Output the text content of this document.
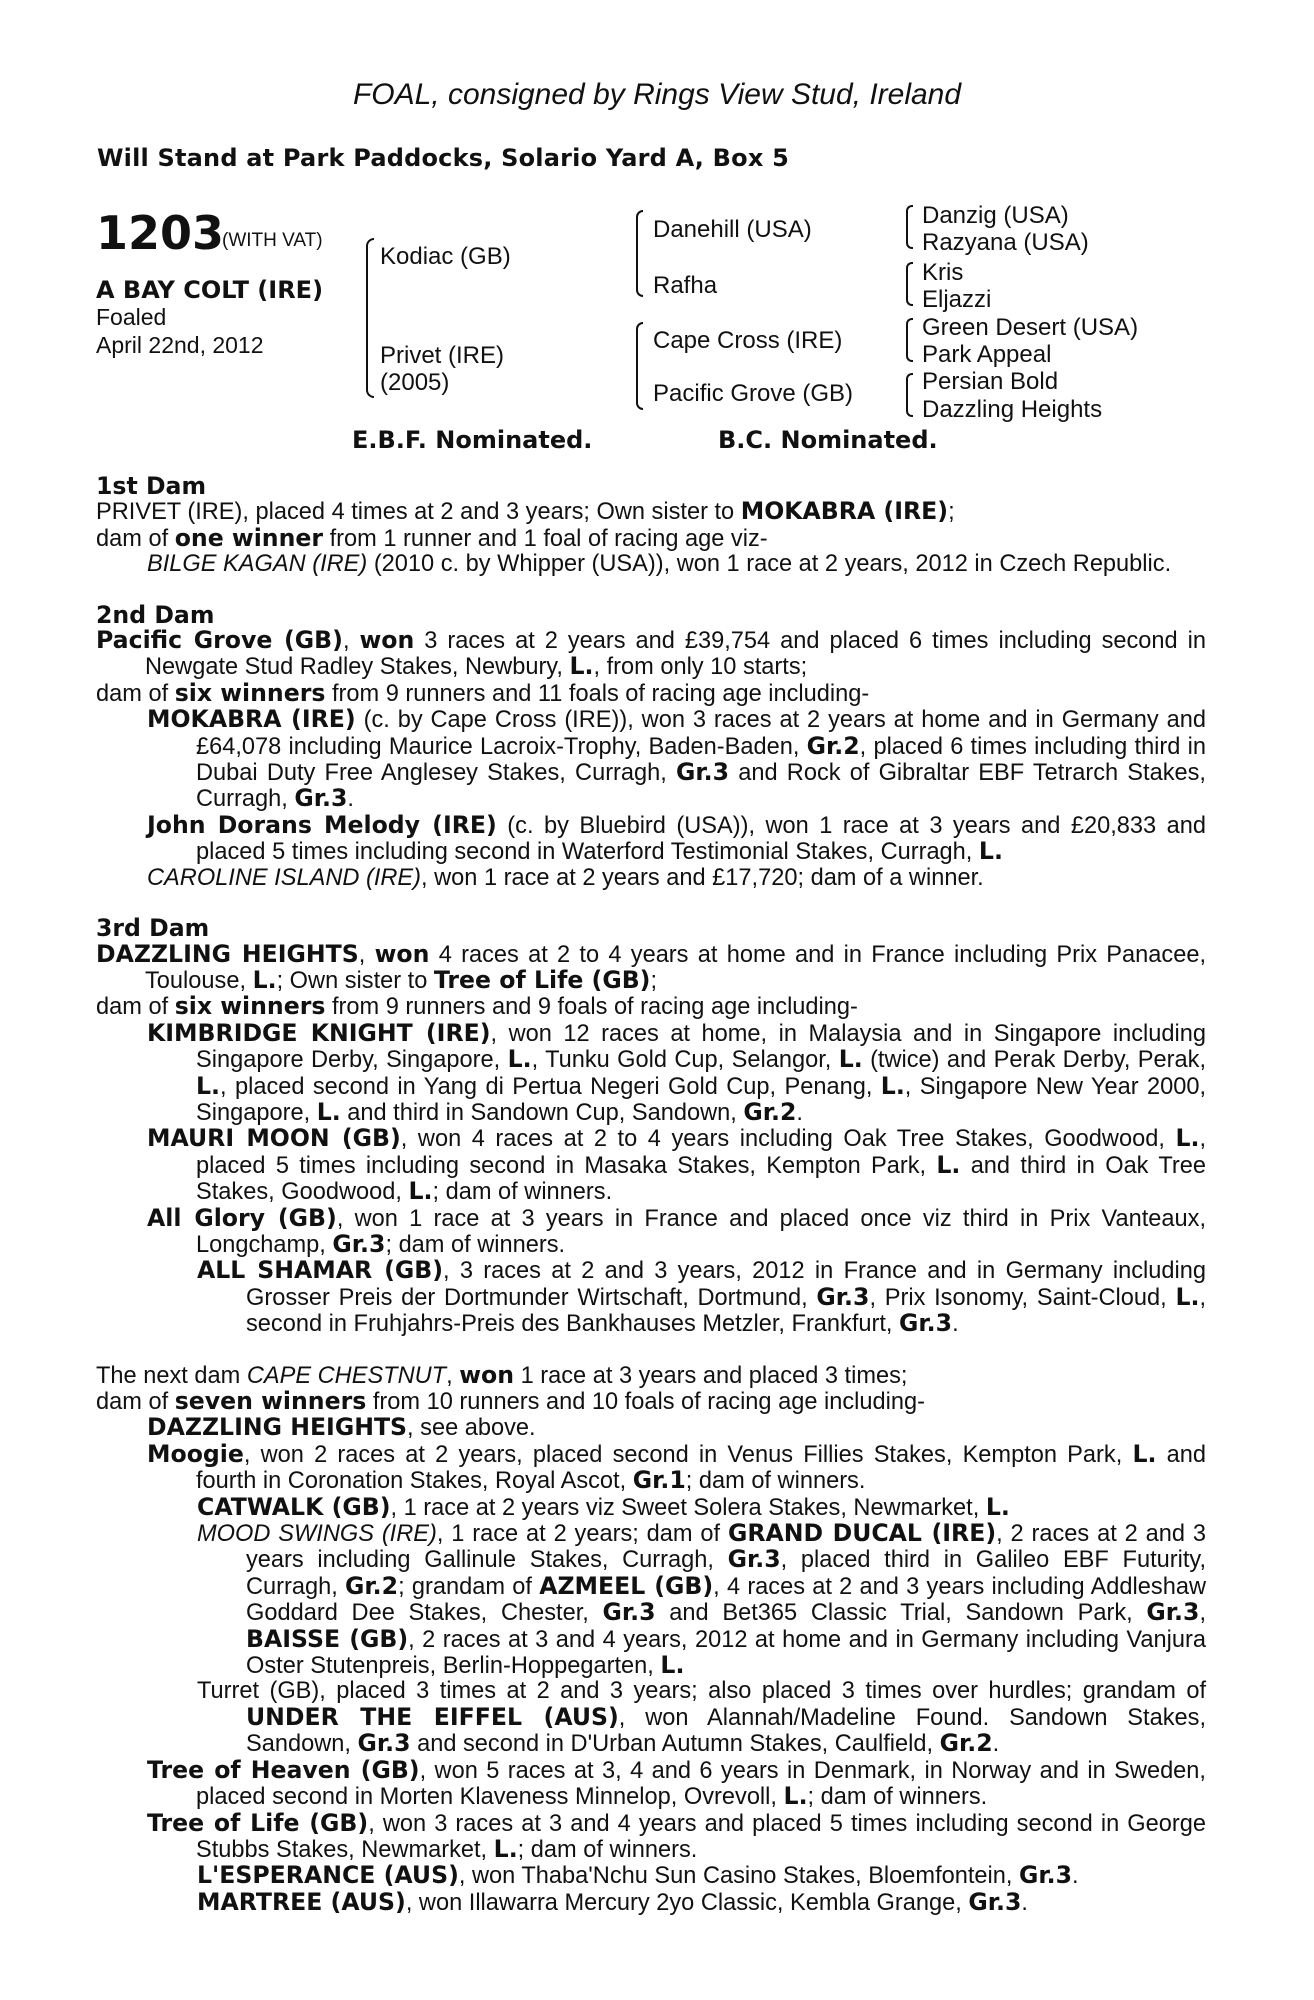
FOAL, consigned by Rings View Stud, Ireland
Will Stand at Park Paddocks, Solario Yard A, Box 5
1203
(WITH VAT)
A BAY COLT (IRE)
Foaled
April 22nd, 2012
Kodiac (GB)
Privet (IRE)
(2005)
Danehill (USA)
Rafha
Cape Cross (IRE)
Pacific Grove (GB)
Danzig (USA)
Razyana (USA)
Kris
Eljazzi
Green Desert (USA)
Park Appeal
Persian Bold
Dazzling Heights
E.B.F. Nominated.	B.C. Nominated.

1st Dam

PRIVET (IRE), placed 4 times at 2 and 3 years; Own sister to MOKABRA (IRE);

dam of one winner from 1 runner and 1 foal of racing age viz-

BILGE KAGAN (IRE) (2010 c. by Whipper (USA)), won 1 race at 2 years, 2012 in Czech Republic.

2nd Dam

Pacific Grove (GB), won 3 races at 2 years and £39,754 and placed 6 times including second in Newgate Stud Radley Stakes, Newbury, L., from only 10 starts;

dam of six winners from 9 runners and 11 foals of racing age including-

MOKABRA (IRE) (c. by Cape Cross (IRE)), won 3 races at 2 years at home and in Germany and £64,078 including Maurice Lacroix-Trophy, Baden-Baden, Gr.2, placed 6 times including third in Dubai Duty Free Anglesey Stakes, Curragh, Gr.3 and Rock of Gibraltar EBF Tetrarch Stakes, Curragh, Gr.3.

John Dorans Melody (IRE) (c. by Bluebird (USA)), won 1 race at 3 years and £20,833 and placed 5 times including second in Waterford Testimonial Stakes, Curragh, L.

CAROLINE ISLAND (IRE), won 1 race at 2 years and £17,720; dam of a winner.

3rd Dam

DAZZLING HEIGHTS, won 4 races at 2 to 4 years at home and in France including Prix Panacee, Toulouse, L.; Own sister to Tree of Life (GB);

dam of six winners from 9 runners and 9 foals of racing age including-

KIMBRIDGE KNIGHT (IRE), won 12 races at home, in Malaysia and in Singapore including Singapore Derby, Singapore, L., Tunku Gold Cup, Selangor, L. (twice) and Perak Derby, Perak, L., placed second in Yang di Pertua Negeri Gold Cup, Penang, L., Singapore New Year 2000, Singapore, L. and third in Sandown Cup, Sandown, Gr.2.

MAURI MOON (GB), won 4 races at 2 to 4 years including Oak Tree Stakes, Goodwood, L., placed 5 times including second in Masaka Stakes, Kempton Park, L. and third in Oak Tree Stakes, Goodwood, L.; dam of winners.

All Glory (GB), won 1 race at 3 years in France and placed once viz third in Prix Vanteaux, Longchamp, Gr.3; dam of winners.

ALL SHAMAR (GB), 3 races at 2 and 3 years, 2012 in France and in Germany including Grosser Preis der Dortmunder Wirtschaft, Dortmund, Gr.3, Prix Isonomy, Saint-Cloud, L., second in Fruhjahrs-Preis des Bankhauses Metzler, Frankfurt, Gr.3.

The next dam CAPE CHESTNUT, won 1 race at 3 years and placed 3 times;

dam of seven winners from 10 runners and 10 foals of racing age including-

DAZZLING HEIGHTS, see above.

Moogie, won 2 races at 2 years, placed second in Venus Fillies Stakes, Kempton Park, L. and fourth in Coronation Stakes, Royal Ascot, Gr.1; dam of winners.

CATWALK (GB), 1 race at 2 years viz Sweet Solera Stakes, Newmarket, L.

MOOD SWINGS (IRE), 1 race at 2 years; dam of GRAND DUCAL (IRE), 2 races at 2 and 3 years including Gallinule Stakes, Curragh, Gr.3, placed third in Galileo EBF Futurity, Curragh, Gr.2; grandam of AZMEEL (GB), 4 races at 2 and 3 years including Addleshaw Goddard Dee Stakes, Chester, Gr.3 and Bet365 Classic Trial, Sandown Park, Gr.3, BAISSE (GB), 2 races at 3 and 4 years, 2012 at home and in Germany including Vanjura Oster Stutenpreis, Berlin-Hoppegarten, L.

Turret (GB), placed 3 times at 2 and 3 years; also placed 3 times over hurdles; grandam of UNDER THE EIFFEL (AUS), won Alannah/Madeline Found. Sandown Stakes, Sandown, Gr.3 and second in D'Urban Autumn Stakes, Caulfield, Gr.2.

Tree of Heaven (GB), won 5 races at 3, 4 and 6 years in Denmark, in Norway and in Sweden, placed second in Morten Klaveness Minnelop, Ovrevoll, L.; dam of winners.

Tree of Life (GB), won 3 races at 3 and 4 years and placed 5 times including second in George Stubbs Stakes, Newmarket, L.; dam of winners.

L'ESPERANCE (AUS), won Thaba'Nchu Sun Casino Stakes, Bloemfontein, Gr.3.

MARTREE (AUS), won Illawarra Mercury 2yo Classic, Kembla Grange, Gr.3.
